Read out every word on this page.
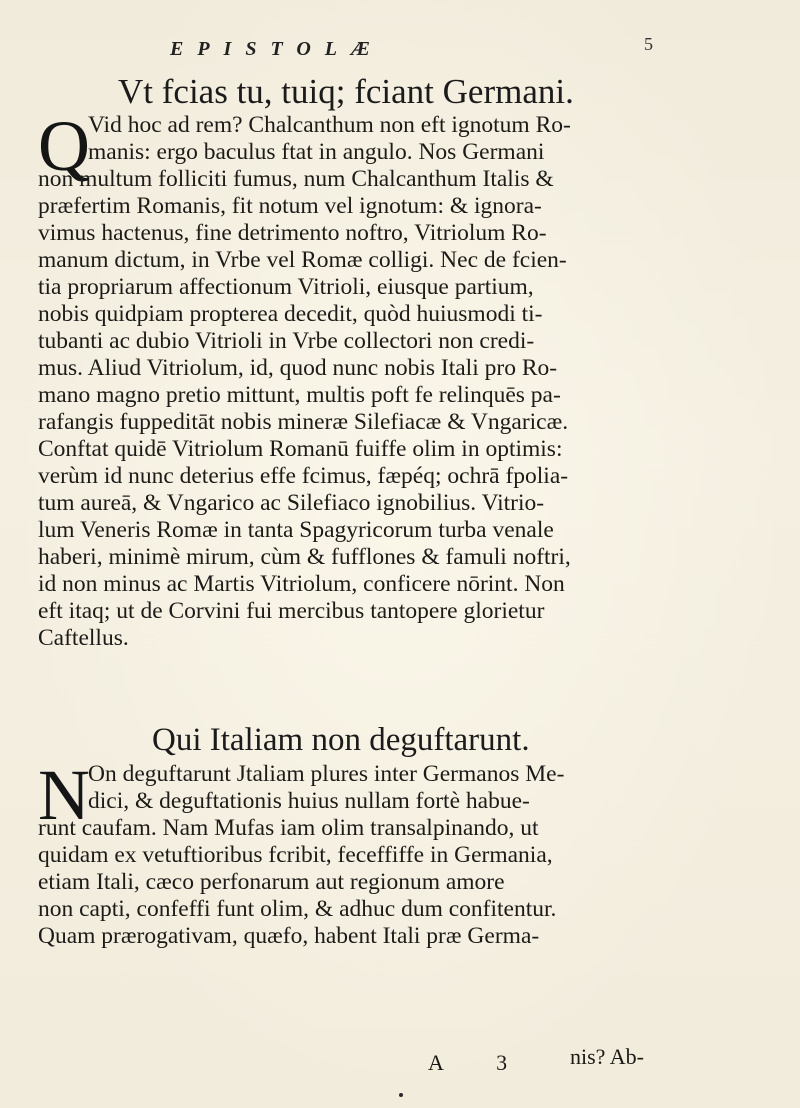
EPISTOLÆ	5
Vt fcias tu, tuiq; fciant Germani.
Q
Vid hoc ad rem? Chalcanthum non eft ignotum Ro-
manis: ergo baculus ftat in angulo. Nos Germani
non multum folliciti fumus, num Chalcanthum Italis &
præfertim Romanis, fit notum vel ignotum: & ignora-
vimus hactenus, fine detrimento noftro, Vitriolum Ro-
manum dictum, in Vrbe vel Romæ colligi. Nec de fcien-
tia propriarum affectionum Vitrioli, eiusque partium,
nobis quidpiam propterea decedit, quòd huiusmodi ti-
tubanti ac dubio Vitrioli in Vrbe collectori non credi-
mus. Aliud Vitriolum, id, quod nunc nobis Itali pro Ro-
mano magno pretio mittunt, multis poft fe relinquēs pa-
rafangis fuppeditāt nobis mineræ Silefiacæ & Vngaricæ.
Conftat quidē Vitriolum Romanū fuiffe olim in optimis:
verùm id nunc deterius effe fcimus, fæpéq; ochrā fpolia-
tum aureā, & Vngarico ac Silefiaco ignobilius. Vitrio-
lum Veneris Romæ in tanta Spagyricorum turba venale
haberi, minimè mirum, cùm & fufflones & famuli noftri,
id non minus ac Martis Vitriolum, conficere nōrint. Non
eft itaq; ut de Corvini fui mercibus tantopere glorietur
Caftellus.
Qui Italiam non deguftarunt.
N
On deguftarunt Jtaliam plures inter Germanos Me-
dici, & deguftationis huius nullam fortè habue-
runt caufam. Nam Mufas iam olim transalpinando, ut
quidam ex vetuftioribus fcribit, feceffiffe in Germania,
etiam Itali, cæco perfonarum aut regionum amore
non capti, confeffi funt olim, & adhuc dum confitentur.
Quam prærogativam, quæfo, habent Itali præ Germa-
A 3 nis? Ab-
